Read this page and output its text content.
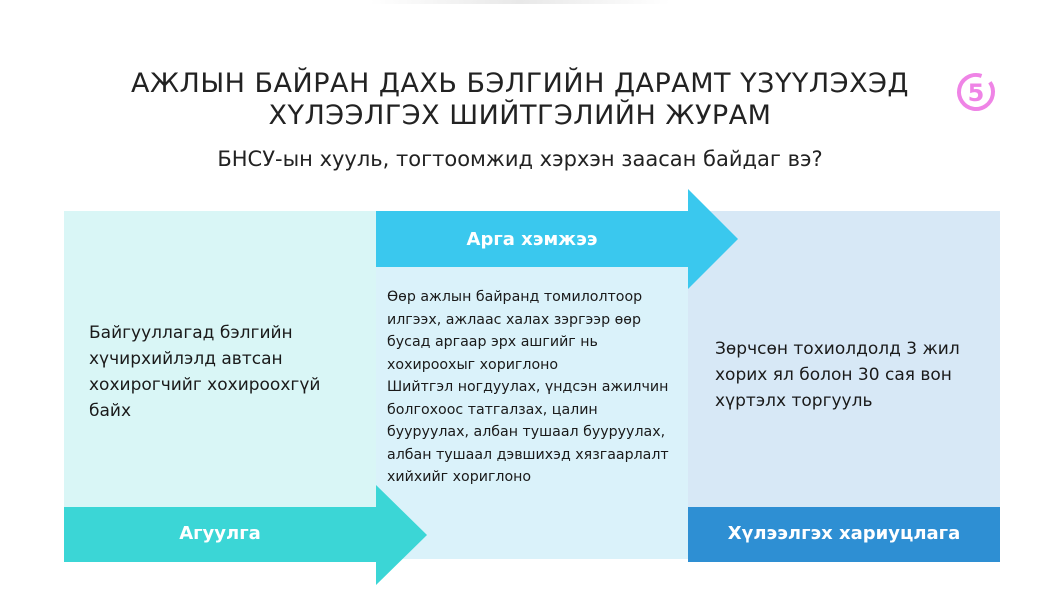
АЖЛЫН БАЙРАН ДАХЬ БЭЛГИЙН ДАРАМТ ҮЗҮҮЛЭХЭД
ХҮЛЭЭЛГЭХ ШИЙТГЭЛИЙН ЖУРАМ
5
БНСУ-ын хууль, тогтоомжид хэрхэн заасан байдаг вэ?
Байгууллагад бэлгийн
хүчирхийлэлд автсан
хохирогчийг хохироохгүй
байх
Өөр ажлын байранд томилолтоор
илгээх, ажлаас халах зэргээр өөр
бусад аргаар эрх ашгийг нь
хохироохыг хориглоно
Шийтгэл ногдуулах, үндсэн ажилчин
болгохоос татгалзах, цалин
бууруулах, албан тушаал бууруулах,
албан тушаал дэвшихэд хязгаарлалт
хийхийг хориглоно
Зөрчсөн тохиолдолд 3 жил
хорих ял болон 30 сая вон
хүртэлх торгууль
Арга хэмжээ
Агуулга	Хүлээлгэх хариуцлага
